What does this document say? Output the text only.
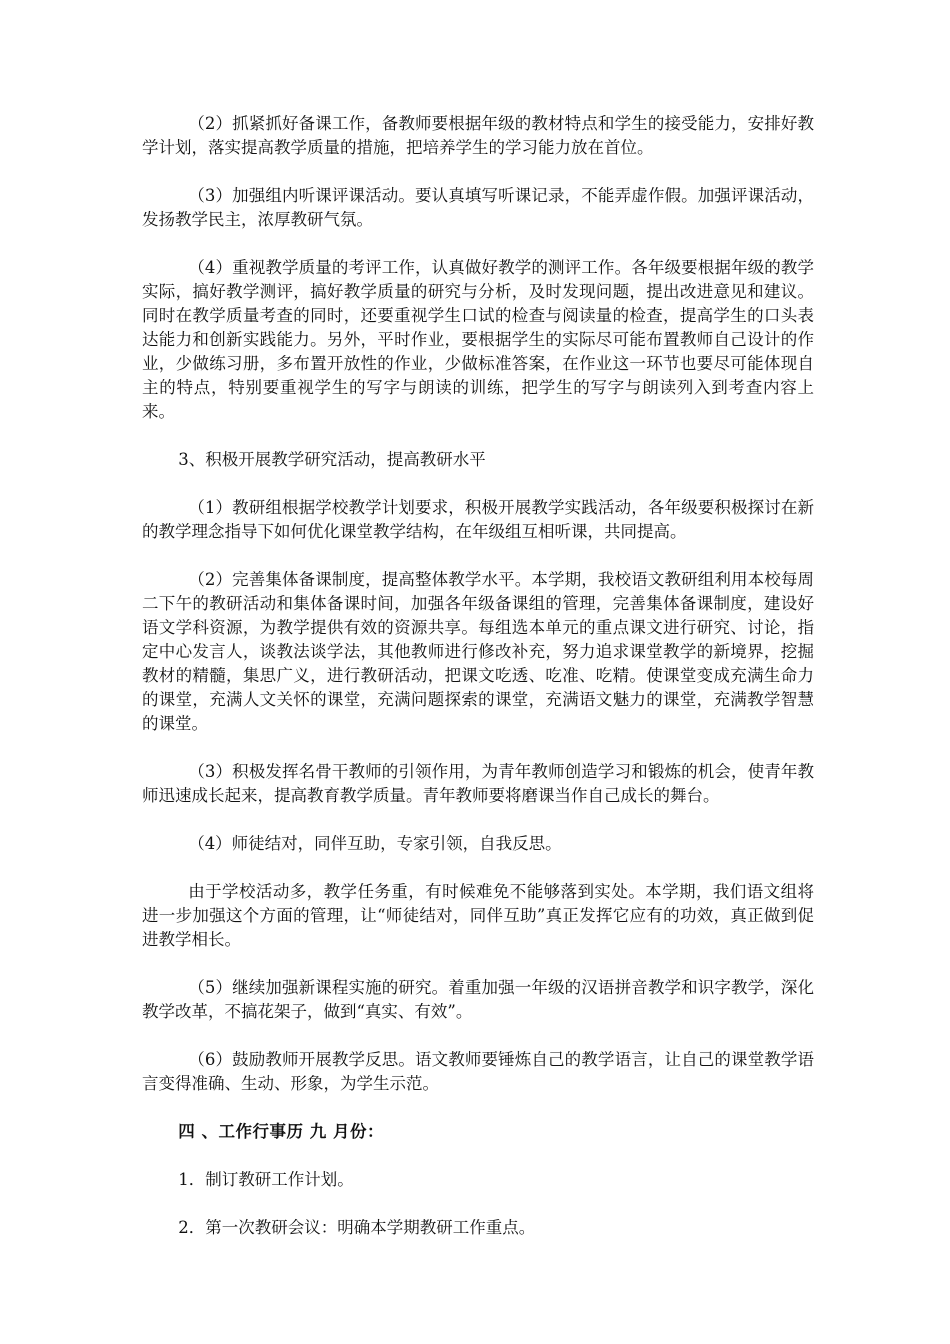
（2）抓紧抓好备课工作，备教师要根据年级的教材特点和学生的接受能力，安排好教学计划，落实提高教学质量的措施，把培养学生的学习能力放在首位。

（3）加强组内听课评课活动。要认真填写听课记录，不能弄虚作假。加强评课活动，发扬教学民主，浓厚教研气氛。

（4）重视教学质量的考评工作，认真做好教学的测评工作。各年级要根据年级的教学实际，搞好教学测评，搞好教学质量的研究与分析，及时发现问题，提出改进意见和建议。同时在教学质量考查的同时，还要重视学生口试的检查与阅读量的检查，提高学生的口头表达能力和创新实践能力。另外，平时作业，要根据学生的实际尽可能布置教师自己设计的作业，少做练习册，多布置开放性的作业，少做标准答案，在作业这一环节也要尽可能体现自主的特点，特别要重视学生的写字与朗读的训练，把学生的写字与朗读列入到考查内容上来。

3、积极开展教学研究活动，提高教研水平

（1）教研组根据学校教学计划要求，积极开展教学实践活动，各年级要积极探讨在新的教学理念指导下如何优化课堂教学结构，在年级组互相听课，共同提高。

（2）完善集体备课制度，提高整体教学水平。本学期，我校语文教研组利用本校每周二下午的教研活动和集体备课时间，加强各年级备课组的管理，完善集体备课制度，建设好语文学科资源，为教学提供有效的资源共享。每组选本单元的重点课文进行研究、讨论，指定中心发言人，谈教法谈学法，其他教师进行修改补充，努力追求课堂教学的新境界，挖掘教材的精髓，集思广义，进行教研活动，把课文吃透、吃准、吃精。使课堂变成充满生命力的课堂，充满人文关怀的课堂，充满问题探索的课堂，充满语文魅力的课堂，充满教学智慧的课堂。

（3）积极发挥名骨干教师的引领作用，为青年教师创造学习和锻炼的机会，使青年教师迅速成长起来，提高教育教学质量。青年教师要将磨课当作自己成长的舞台。

（4）师徒结对，同伴互助，专家引领，自我反思。

由于学校活动多，教学任务重，有时候难免不能够落到实处。本学期，我们语文组将进一步加强这个方面的管理，让“师徒结对，同伴互助”真正发挥它应有的功效，真正做到促进教学相长。

（5）继续加强新课程实施的研究。着重加强一年级的汉语拼音教学和识字教学，深化教学改革，不搞花架子，做到“真实、有效”。

（6）鼓励教师开展教学反思。语文教师要锤炼自己的教学语言，让自己的课堂教学语言变得准确、生动、形象，为学生示范。

四 、工作行事历 九 月份：

1．制订教研工作计划。

2．第一次教研会议：明确本学期教研工作重点。
